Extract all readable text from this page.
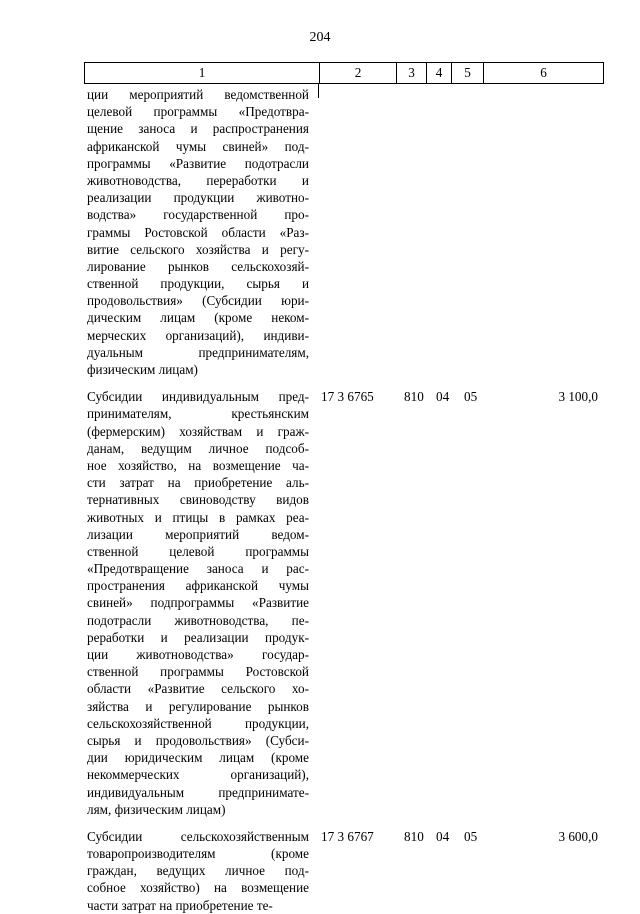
204
1	2	3	4	5	6
ции мероприятий ведомственной
целевой программы «Предотвра-
щение заноса и распространения
африканской чумы свиней» под-
программы «Развитие подотрасли
животноводства, переработки и
реализации продукции животно-
водства» государственной про-
граммы Ростовской области «Раз-
витие сельского хозяйства и регу-
лирование рынков сельскохозяй-
ственной продукции, сырья и
продовольствия» (Субсидии юри-
дическим лицам (кроме неком-
мерческих организаций), индиви-
дуальным предпринимателям,
физическим лицам)
Субсидии индивидуальным пред-
принимателям, крестьянским
(фермерским) хозяйствам и граж-
данам, ведущим личное подсоб-
ное хозяйство, на возмещение ча-
сти затрат на приобретение аль-
тернативных свиноводству видов
животных и птицы в рамках реа-
лизации мероприятий ведом-
ственной целевой программы
«Предотвращение заноса и рас-
пространения африканской чумы
свиней» подпрограммы «Развитие
подотрасли животноводства, пе-
реработки и реализации продук-
ции животноводства» государ-
ственной программы Ростовской
области «Развитие сельского хо-
зяйства и регулирование рынков
сельскохозяйственной продукции,
сырья и продовольствия» (Субси-
дии юридическим лицам (кроме
некоммерческих организаций),
индивидуальным предпринимате-
лям, физическим лицам)
17 3 6765 810 04 05	3 100,0
Субсидии сельскохозяйственным
товаропроизводителям (кроме
граждан, ведущих личное под-
собное хозяйство) на возмещение
части затрат на приобретение те-
17 3 6767 810 04 05	3 600,0
